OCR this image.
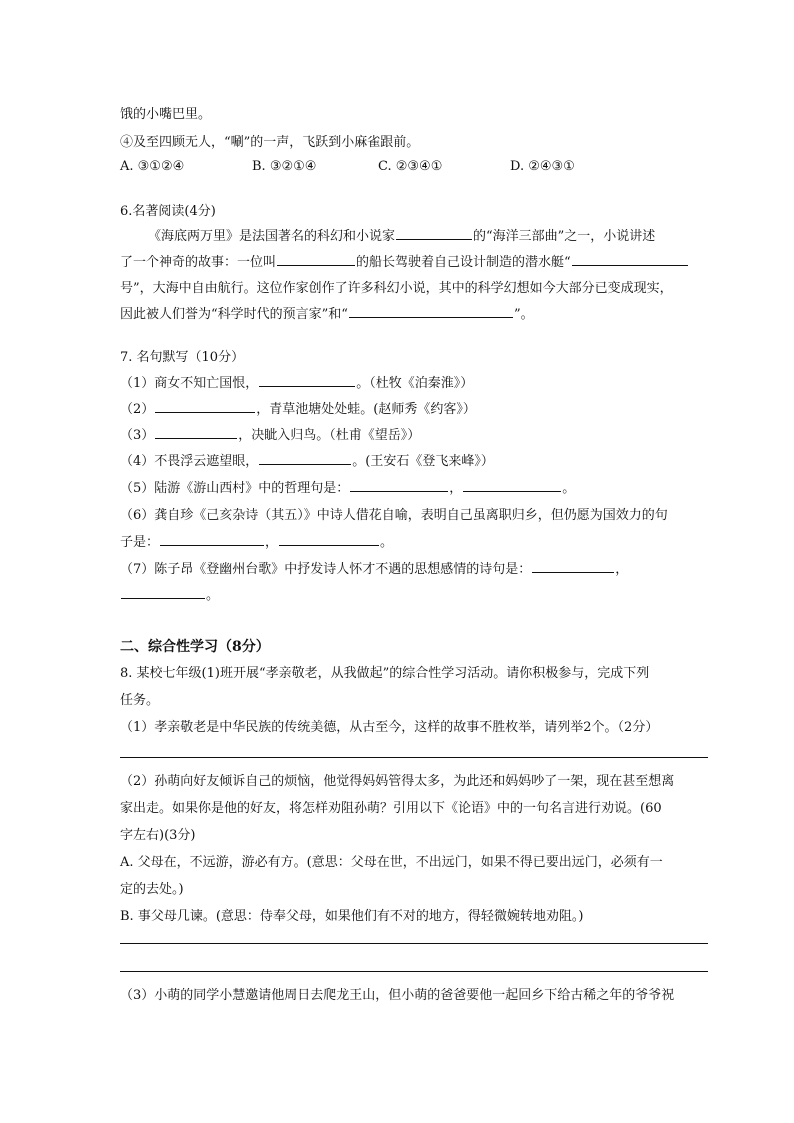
饿的小嘴巴里。
④及至四顾无人，“唰”的一声，飞跃到小麻雀跟前。
A. ③①②④	B. ③②①④	C. ②③④①	D. ②④③①
6.名著阅读(4分)
《海底两万里》是法国著名的科幻和小说家	的“海洋三部曲”之一，小说讲述
了一个神奇的故事：一位叫	的船长驾驶着自己设计制造的潜水艇“
号”，大海中自由航行。这位作家创作了许多科幻小说，其中的科学幻想如今大部分已变成现实，
因此被人们誉为“科学时代的预言家”和“	”。
7. 名句默写（10分）
（1）商女不知亡国恨，	。（杜牧《泊秦淮》）
（2）	，青草池塘处处蛙。(赵师秀《约客》）
（3）	，决眦入归鸟。（杜甫《望岳》）
（4）不畏浮云遮望眼，	。(王安石《登飞来峰》）
（5）陆游《游山西村》中的哲理句是：	，	。
（6）龚自珍《己亥杂诗（其五）》中诗人借花自喻，表明自己虽离职归乡，但仍愿为国效力的句
子是：	，	。
（7）陈子昂《登幽州台歌》中抒发诗人怀才不遇的思想感情的诗句是：	，
。
二、综合性学习（8分）
8. 某校七年级(1)班开展“孝亲敬老，从我做起”的综合性学习活动。请你积极参与，完成下列
任务。
（1）孝亲敬老是中华民族的传统美德，从古至今，这样的故事不胜枚举，请列举2个。（2分）
（2）孙萌向好友倾诉自己的烦恼，他觉得妈妈管得太多，为此还和妈妈吵了一架，现在甚至想离
家出走。如果你是他的好友，将怎样劝阻孙萌？引用以下《论语》中的一句名言进行劝说。(60
字左右)(3分)
A. 父母在，不远游，游必有方。(意思：父母在世，不出远门，如果不得已要出远门，必须有一
定的去处。)
B. 事父母几谏。(意思：侍奉父母，如果他们有不对的地方，得轻微婉转地劝阻。)
（3）小萌的同学小慧邀请他周日去爬龙王山，但小萌的爸爸要他一起回乡下给古稀之年的爷爷祝
